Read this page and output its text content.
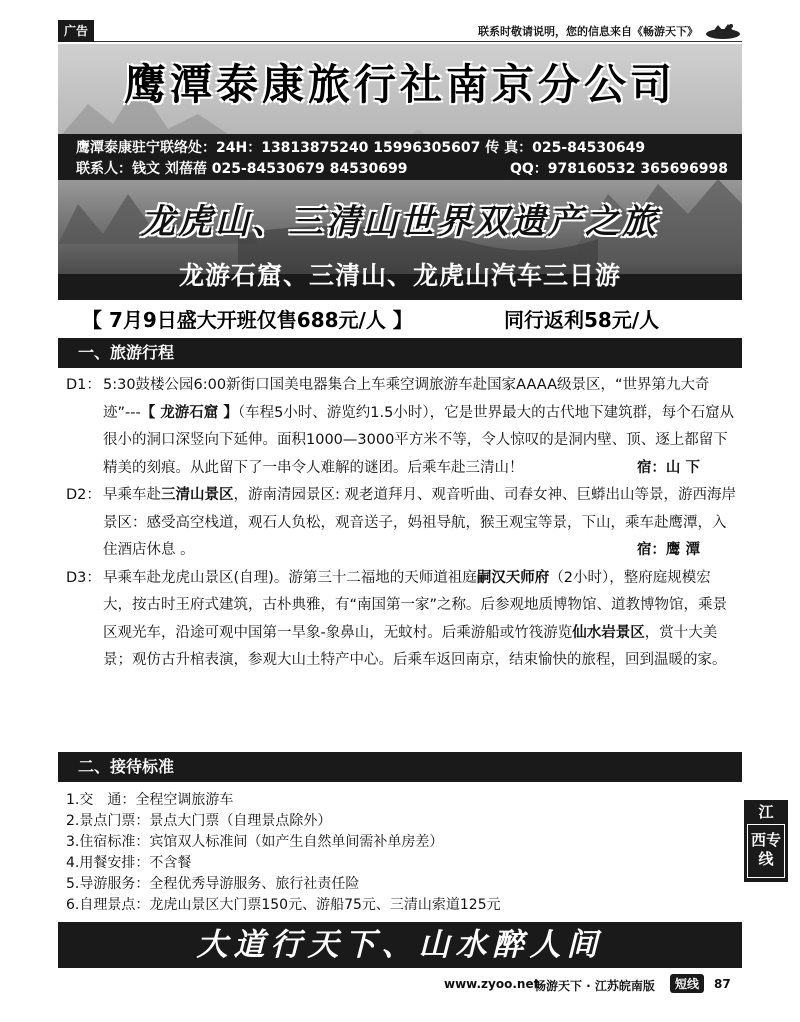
广告	联系时敬请说明，您的信息来自《畅游天下》
鹰潭泰康旅行社南京分公司
鹰潭泰康驻宁联络处：24H：13813875240 15996305607 传 真：025-84530649
联系人：钱文 刘蓓蓓 025-84530679 84530699	QQ：978160532 365696998
龙虎山、三清山世界双遗产之旅
龙游石窟、三清山、龙虎山汽车三日游
【 7月9日盛大开班仅售688元/人 】	同行返利58元/人
一、旅游行程
D1： 5:30鼓楼公园6:00新街口国美电器集合上车乘空调旅游车赴国家AAAA级景区，“世界第九大奇迹”---【 龙游石窟 】（车程5小时、游览约1.5小时），它是世界最大的古代地下建筑群，每个石窟从很小的洞口深竖向下延伸。面积1000—3000平方米不等，令人惊叹的是洞内壁、顶、逐上都留下精美的刻痕。从此留下了一串令人难解的谜团。后乘车赴三清山！	宿：山 下
D2： 早乘车赴三清山景区，游南清园景区: 观老道拜月、观音听曲、司春女神、巨蟒出山等景，游西海岸景区：感受高空栈道，观石人负松，观音送子，妈祖导航，猴王观宝等景，下山，乘车赴鹰潭，入住酒店休息 。	宿：鹰 潭
D3： 早乘车赴龙虎山景区(自理)。游第三十二福地的天师道祖庭嗣汉天师府（2小时），整府庭规模宏大，按古时王府式建筑，古朴典雅，有“南国第一家”之称。后参观地质博物馆、道教博物馆，乘景区观光车，沿途可观中国第一旱象-象鼻山，无蚊村。后乘游船或竹筏游览仙水岩景区，赏十大美景；观仿古升棺表演，参观大山土特产中心。后乘车返回南京，结束愉快的旅程，回到温暖的家。
二、接待标准
1.交　通：全程空调旅游车
2.景点门票：景点大门票（自理景点除外）
3.住宿标准：宾馆双人标准间（如产生自然单间需补单房差）
4.用餐安排：不含餐
5.导游服务：全程优秀导游服务、旅行社责任险
6.自理景点：龙虎山景区大门票150元、游船75元、三清山索道125元
大道行天下、山水醉人间
www.zyoo.net
畅游天下 · 江苏皖南版	短线	87
江
西专线
